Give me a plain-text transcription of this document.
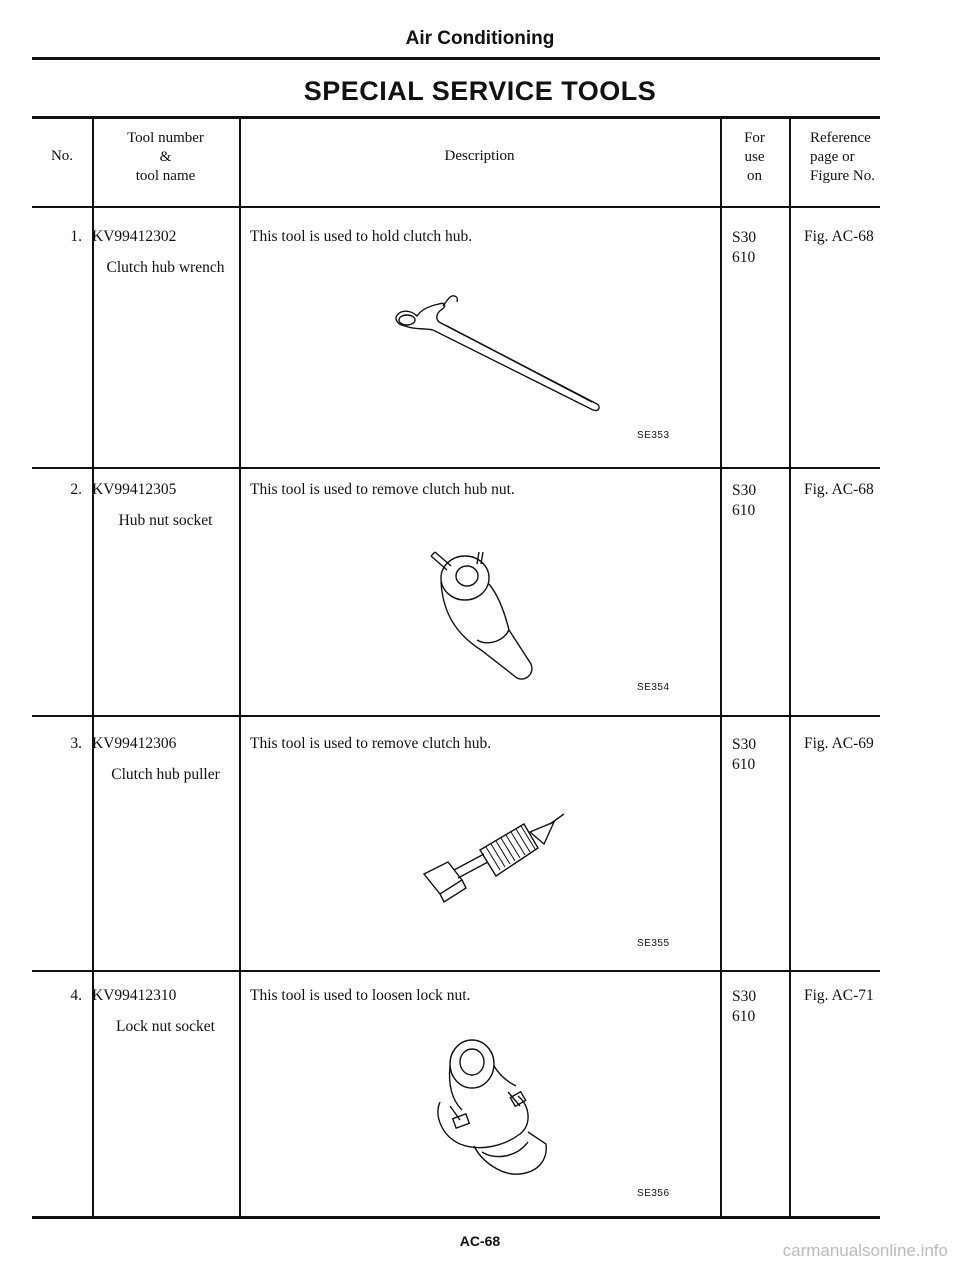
Air Conditioning
SPECIAL SERVICE TOOLS
No.
Tool number
&
tool name
Description
For
use
on
Reference
page or
Figure No.
1. KV99412302
Clutch hub wrench
This tool is used to hold clutch hub.
SE353
S30
610
Fig. AC-68
2. KV99412305
Hub nut socket
This tool is used to remove clutch hub nut.
SE354
S30
610
Fig. AC-68
3. KV99412306
Clutch hub puller
This tool is used to remove clutch hub.
SE355
S30
610
Fig. AC-69
4. KV99412310
Lock nut socket
This tool is used to loosen lock nut.
SE356
S30
610
Fig. AC-71
AC-68	carmanualsonline.info
